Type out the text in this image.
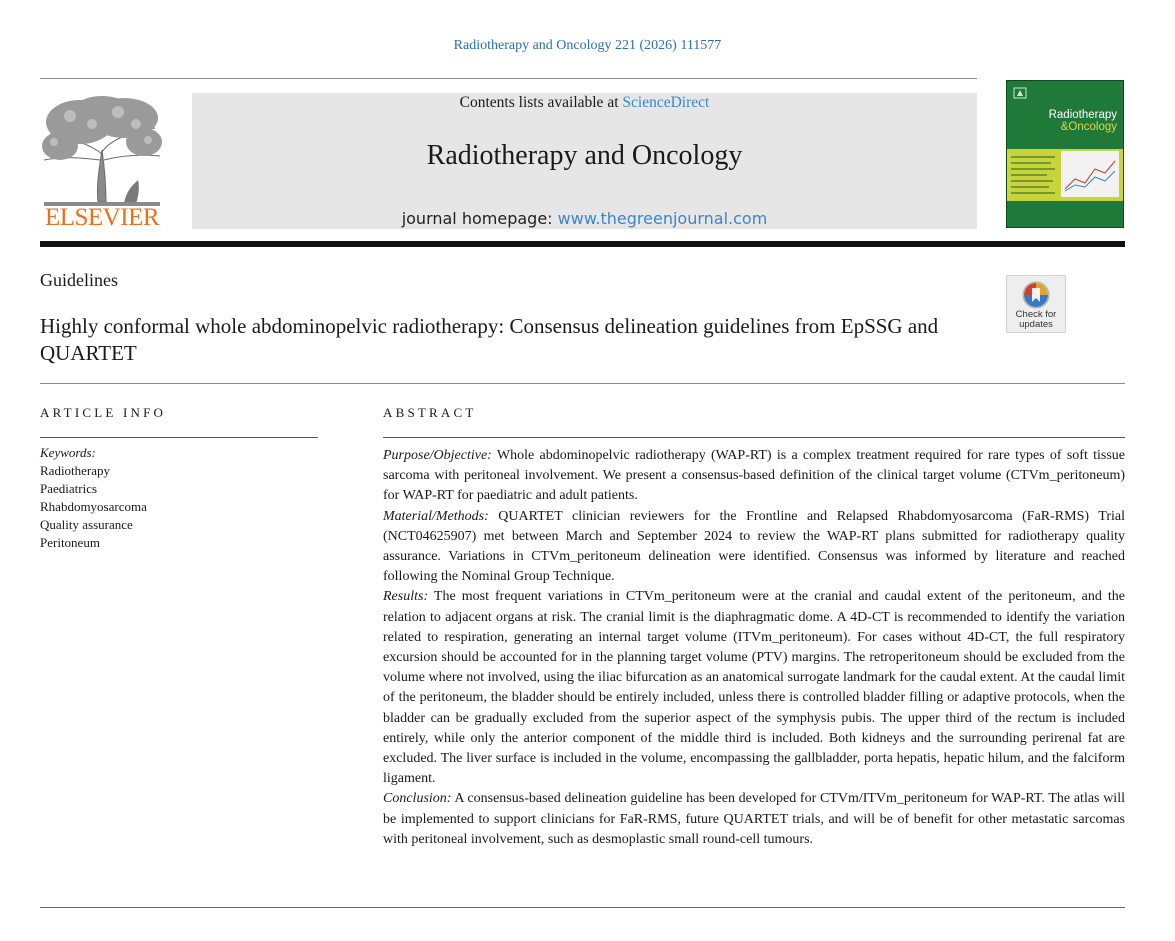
Radiotherapy and Oncology 221 (2026) 111577
ELSEVIER
Contents lists available at ScienceDirect
Radiotherapy and Oncology
journal homepage: www.thegreenjournal.com
Radiotherapy
&Oncology
Guidelines
Check for
updates
Highly conformal whole abdominopelvic radiotherapy: Consensus delineation guidelines from EpSSG and QUARTET
ARTICLE INFO	ABSTRACT
Keywords:
Radiotherapy
Paediatrics
Rhabdomyosarcoma
Quality assurance
Peritoneum

Purpose/Objective: Whole abdominopelvic radiotherapy (WAP-RT) is a complex treatment required for rare types of soft tissue sarcoma with peritoneal involvement. We present a consensus-based definition of the clinical target volume (CTVm_peritoneum) for WAP-RT for paediatric and adult patients.

Material/Methods: QUARTET clinician reviewers for the Frontline and Relapsed Rhabdomyosarcoma (FaR-RMS) Trial (NCT04625907) met between March and September 2024 to review the WAP-RT plans submitted for radiotherapy quality assurance. Variations in CTVm_peritoneum delineation were identified. Consensus was informed by literature and reached following the Nominal Group Technique.

Results: The most frequent variations in CTVm_peritoneum were at the cranial and caudal extent of the peritoneum, and the relation to adjacent organs at risk. The cranial limit is the diaphragmatic dome. A 4D-CT is recommended to identify the variation related to respiration, generating an internal target volume (ITVm_peritoneum). For cases without 4D-CT, the full respiratory excursion should be accounted for in the planning target volume (PTV) margins. The retroperitoneum should be excluded from the volume where not involved, using the iliac bifurcation as an anatomical surrogate landmark for the caudal extent. At the caudal limit of the peritoneum, the bladder should be entirely included, unless there is controlled bladder filling or adaptive protocols, when the bladder can be gradually excluded from the superior aspect of the symphysis pubis. The upper third of the rectum is included entirely, while only the anterior component of the middle third is included. Both kidneys and the surrounding perirenal fat are excluded. The liver surface is included in the volume, encompassing the gallbladder, porta hepatis, hepatic hilum, and the falciform ligament.

Conclusion: A consensus-based delineation guideline has been developed for CTVm/ITVm_peritoneum for WAP-RT. The atlas will be implemented to support clinicians for FaR-RMS, future QUARTET trials, and will be of benefit for other metastatic sarcomas with peritoneal involvement, such as desmoplastic small round-cell tumours.
